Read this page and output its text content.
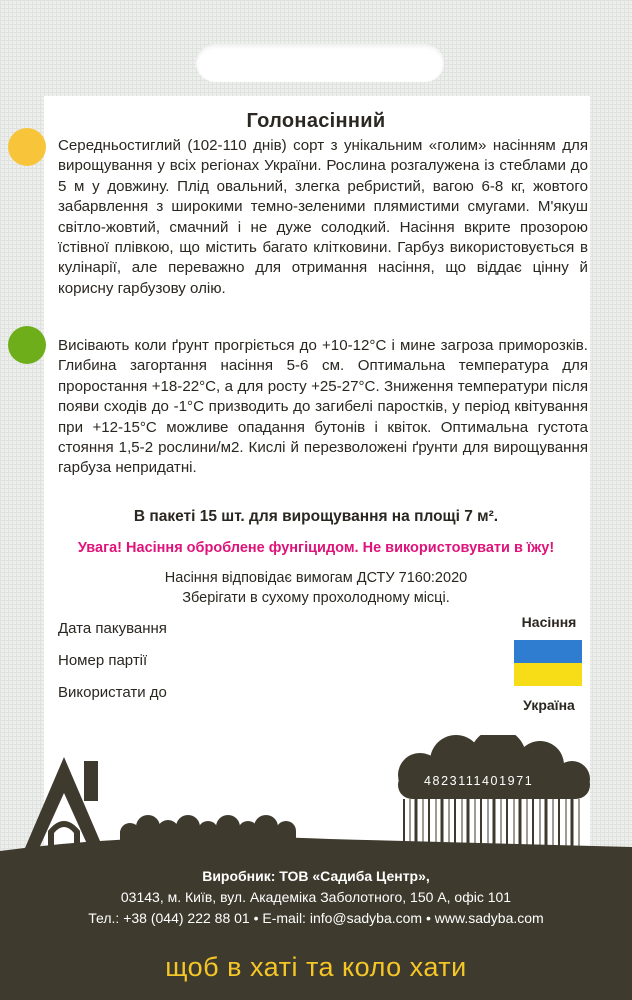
Голонасінний
Середньостиглий (102-110 днів) сорт з унікальним «голим» насінням для вирощування у всіх регіонах України. Рослина розгалужена із стеблами до 5 м у довжину. Плід овальний, злегка ребристий, вагою 6-8 кг, жовтого забарвлення з широкими темно-зеленими плямистими смугами. М'якуш світло-жовтий, смачний і не дуже солодкий. Насіння вкрите прозорою їстівної плівкою, що містить багато клітковини. Гарбуз використовується в кулінарії, але переважно для отримання насіння, що віддає цінну й корисну гарбузову олію.
Висівають коли ґрунт прогріється до +10-12°С і мине загроза приморозків. Глибина загортання насіння 5-6 см. Оптимальна температура для проростання +18-22°С, а для росту +25-27°С. Зниження температури після появи сходів до -1°С призводить до загибелі паростків, у період квітування при +12-15°С можливе опадання бутонів і квіток. Оптимальна густота стояння 1,5-2 рослини/м2. Кислі й перезволожені ґрунти для вирощування гарбуза непридатні.
В пакеті 15 шт. для вирощування на площі 7 м².
Увага! Насіння оброблене фунгіцидом. Не використовувати в їжу!
Насіння відповідає вимогам ДСТУ 7160:2020
Зберігати в сухому прохолодному місці.
Дата пакування
Номер партії
Використати до
Насіння
Україна
4823111401971
Виробник: ТОВ «Садиба Центр»,
03143, м. Київ, вул. Академіка Заболотного, 150 А, офіс 101
Тел.: +38 (044) 222 88 01 • E-mail: info@sadyba.com • www.sadyba.com
щоб в хаті та коло хати
